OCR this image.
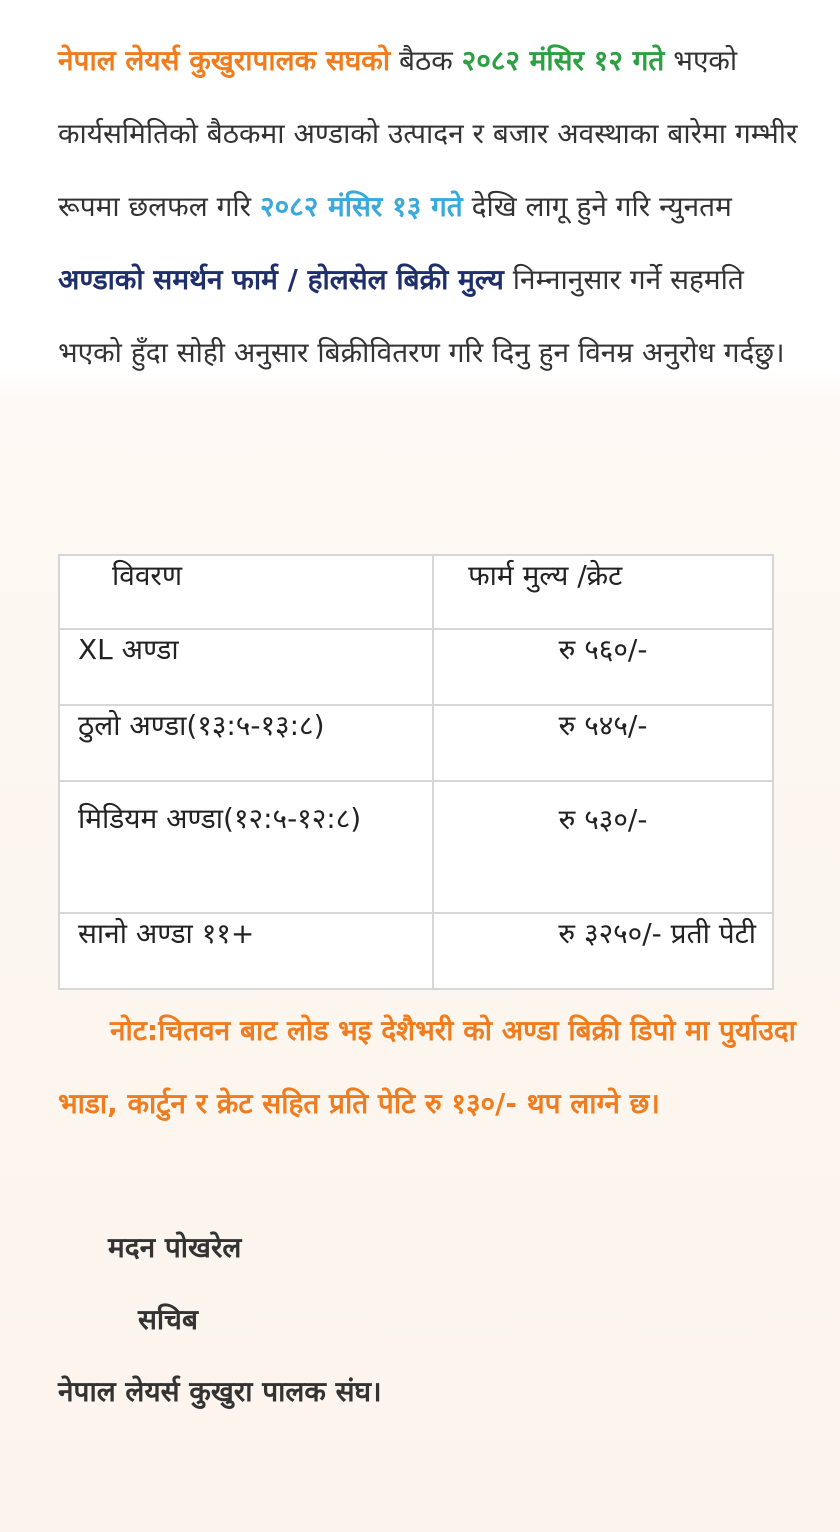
नेपाल लेयर्स कुखुरापालक सघको बैठक २०८२ मंसिर १२ गते भएको कार्यसमितिको बैठकमा अण्डाको उत्पादन र बजार अवस्थाका बारेमा गम्भीर रूपमा छलफल गरि २०८२ मंसिर १३ गते देखि लागू हुने गरि न्युनतम अण्डाको समर्थन फार्म / होलसेल बिक्री मुल्य निम्नानुसार गर्ने सहमति भएको हुँदा सोही अनुसार बिक्रीवितरण गरि दिनु हुन विनम्र अनुरोध गर्दछु।
विवरण	फार्म मुल्य /क्रेट
XL अण्डा	रु ५६०/-
ठुलो अण्डा(१३:५-१३:८)	रु ५४५/-
मिडियम अण्डा(१२:५-१२:८)	रु ५३०/-
सानो अण्डा ११+	रु ३२५०/- प्रती पेटी
नोट:चितवन बाट लोड भइ देशैभरी को अण्डा बिक्री डिपो मा पुर्याउदा भाडा, कार्टुन र क्रेट सहित प्रति पेटि रु १३०/- थप लाग्ने छ।
मदन पोखरेल
सचिब
नेपाल लेयर्स कुखुरा पालक संघ।
